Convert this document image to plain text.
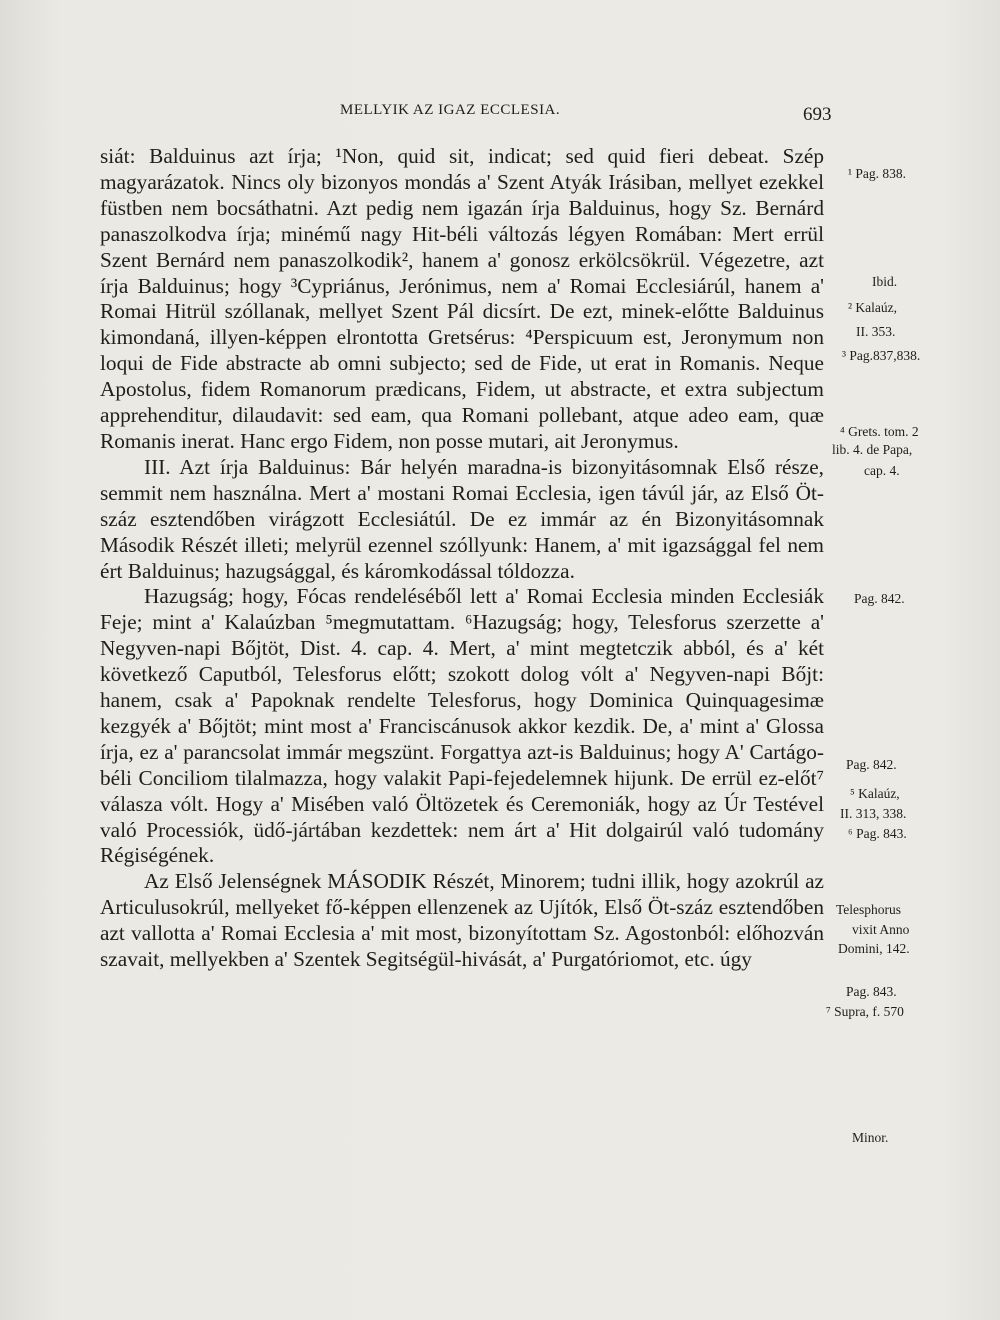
MELLYIK AZ IGAZ ECCLESIA.	693

siát: Balduinus azt írja; ¹Non, quid sit, indicat; sed quid fieri debeat. Szép magyarázatok. Nincs oly bizonyos mondás a' Szent Atyák Irásiban, mellyet ezekkel füstben nem bocsáthatni. Azt pedig nem igazán írja Balduinus, hogy Sz. Bernárd panaszolkodva írja; minémű nagy Hit-béli változás légyen Romában: Mert errül Szent Bernárd nem panaszolkodik², hanem a' gonosz erkölcsökrül. Végezetre, azt írja Balduinus; hogy ³Cypriánus, Jerónimus, nem a' Romai Ecclesiárúl, hanem a' Romai Hitrül szóllanak, mellyet Szent Pál dicsírt. De ezt, minek-előtte Balduinus kimondaná, illyen-képpen elrontotta Gretsérus: ⁴Perspicuum est, Jeronymum non loqui de Fide abstracte ab omni subjecto; sed de Fide, ut erat in Romanis. Neque Apostolus, fidem Romanorum prædicans, Fidem, ut abstracte, et extra subjectum apprehenditur, dilaudavit: sed eam, qua Romani pollebant, atque adeo eam, quæ Romanis inerat. Hanc ergo Fidem, non posse mutari, ait Jeronymus.

III. Azt írja Balduinus: Bár helyén maradna-is bizonyitásomnak Első része, semmit nem használna. Mert a' mostani Romai Ecclesia, igen távúl jár, az Első Öt-száz esztendőben virágzott Ecclesiátúl. De ez immár az én Bizonyitásomnak Második Részét illeti; melyrül ezennel szóllyunk: Hanem, a' mit igazsággal fel nem ért Balduinus; hazugsággal, és káromkodással tóldozza.

Hazugság; hogy, Fócas rendeléséből lett a' Romai Ecclesia minden Ecclesiák Feje; mint a' Kalaúzban ⁵megmutattam. ⁶Hazugság; hogy, Telesforus szerzette a' Negyven-napi Bőjtöt, Dist. 4. cap. 4. Mert, a' mint megtetczik abból, és a' két következő Caputból, Telesforus előtt; szokott dolog vólt a' Negyven-napi Bőjt: hanem, csak a' Papoknak rendelte Telesforus, hogy Dominica Quinquagesimæ kezgyék a' Bőjtöt; mint most a' Franciscánusok akkor kezdik. De, a' mint a' Glossa írja, ez a' parancsolat immár megszünt. Forgattya azt-is Balduinus; hogy A' Cartágo-béli Conciliom tilalmazza, hogy valakit Papi-fejedelemnek hijunk. De errül ez-előt⁷ válasza vólt. Hogy a' Misében való Öltözetek és Ceremoniák, hogy az Úr Testével való Processiók, üdő-jártában kezdettek: nem árt a' Hit dolgairúl való tudomány Régiségének.

Az Első Jelenségnek MÁSODIK Részét, Minorem; tudni illik, hogy azokrúl az Articulusokrúl, mellyeket fő-képpen ellenzenek az Ujítók, Első Öt-száz esztendőben azt vallotta a' Romai Ecclesia a' mit most, bizonyítottam Sz. Agostonból: előhozván szavait, mellyekben a' Szentek Segitségül-hivását, a' Purgatóriomot, etc. úgy

¹ Pag. 838.
Ibid.
² Kalaúz,
II. 353.
³ Pag.837,838.
⁴ Grets. tom. 2
lib. 4. de Papa,
cap. 4.
Pag. 842.
Pag. 842.
⁵ Kalaúz,
II. 313, 338.
⁶ Pag. 843.
Telesphorus
vixit Anno
Domini, 142.
Pag. 843.
⁷ Supra, f. 570
Minor.
